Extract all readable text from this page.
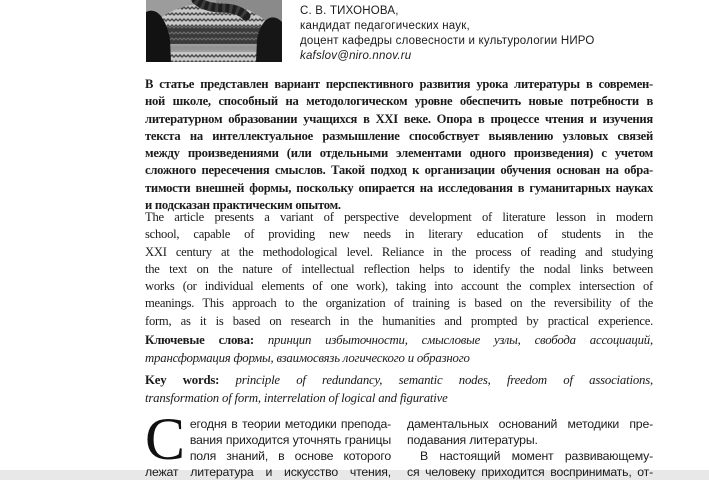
С. В. ТИХОНОВА,
кандидат педагогических наук,
доцент кафедры словесности и культурологии НИРО
kafslov@niro.nnov.ru
В статье представлен вариант перспективного развития урока литературы в современ-
ной школе, способный на методологическом уровне обеспечить новые потребности в
литературном образовании учащихся в XXI веке. Опора в процессе чтения и изучения
текста на интеллектуальное размышление способствует выявлению узловых связей
между произведениями (или отдельными элементами одного произведения) с учетом
сложного пересечения смыслов. Такой подход к организации обучения основан на обра-
тимости внешней формы, поскольку опирается на исследования в гуманитарных науках
и подсказан практическим опытом.
The article presents a variant of perspective development of literature lesson in modern
school, capable of providing new needs in literary education of students in the
XXI century at the methodological level. Reliance in the process of reading and studying
the text on the nature of intellectual reflection helps to identify the nodal links between
works (or individual elements of one work), taking into account the complex intersection of
meanings. This approach to the organization of training is based on the reversibility of the
form, as it is based on research in the humanities and prompted by practical experience.
Ключевые слова: принцип избыточности, смысловые узлы, свобода ассоциаций,
трансформация формы, взаимосвязь логического и образного
Key words: principle of redundancy, semantic nodes, freedom of associations,
transformation of form, interrelation of logical and figurative
С егодня в теории методики препода-
вания приходится уточнять границы
поля знаний, в основе которого
лежат литература и искусство чтения,
даментальных оснований методики пре-
подавания литературы.
В настоящий момент развивающему-
ся человеку приходится воспринимать, от-
